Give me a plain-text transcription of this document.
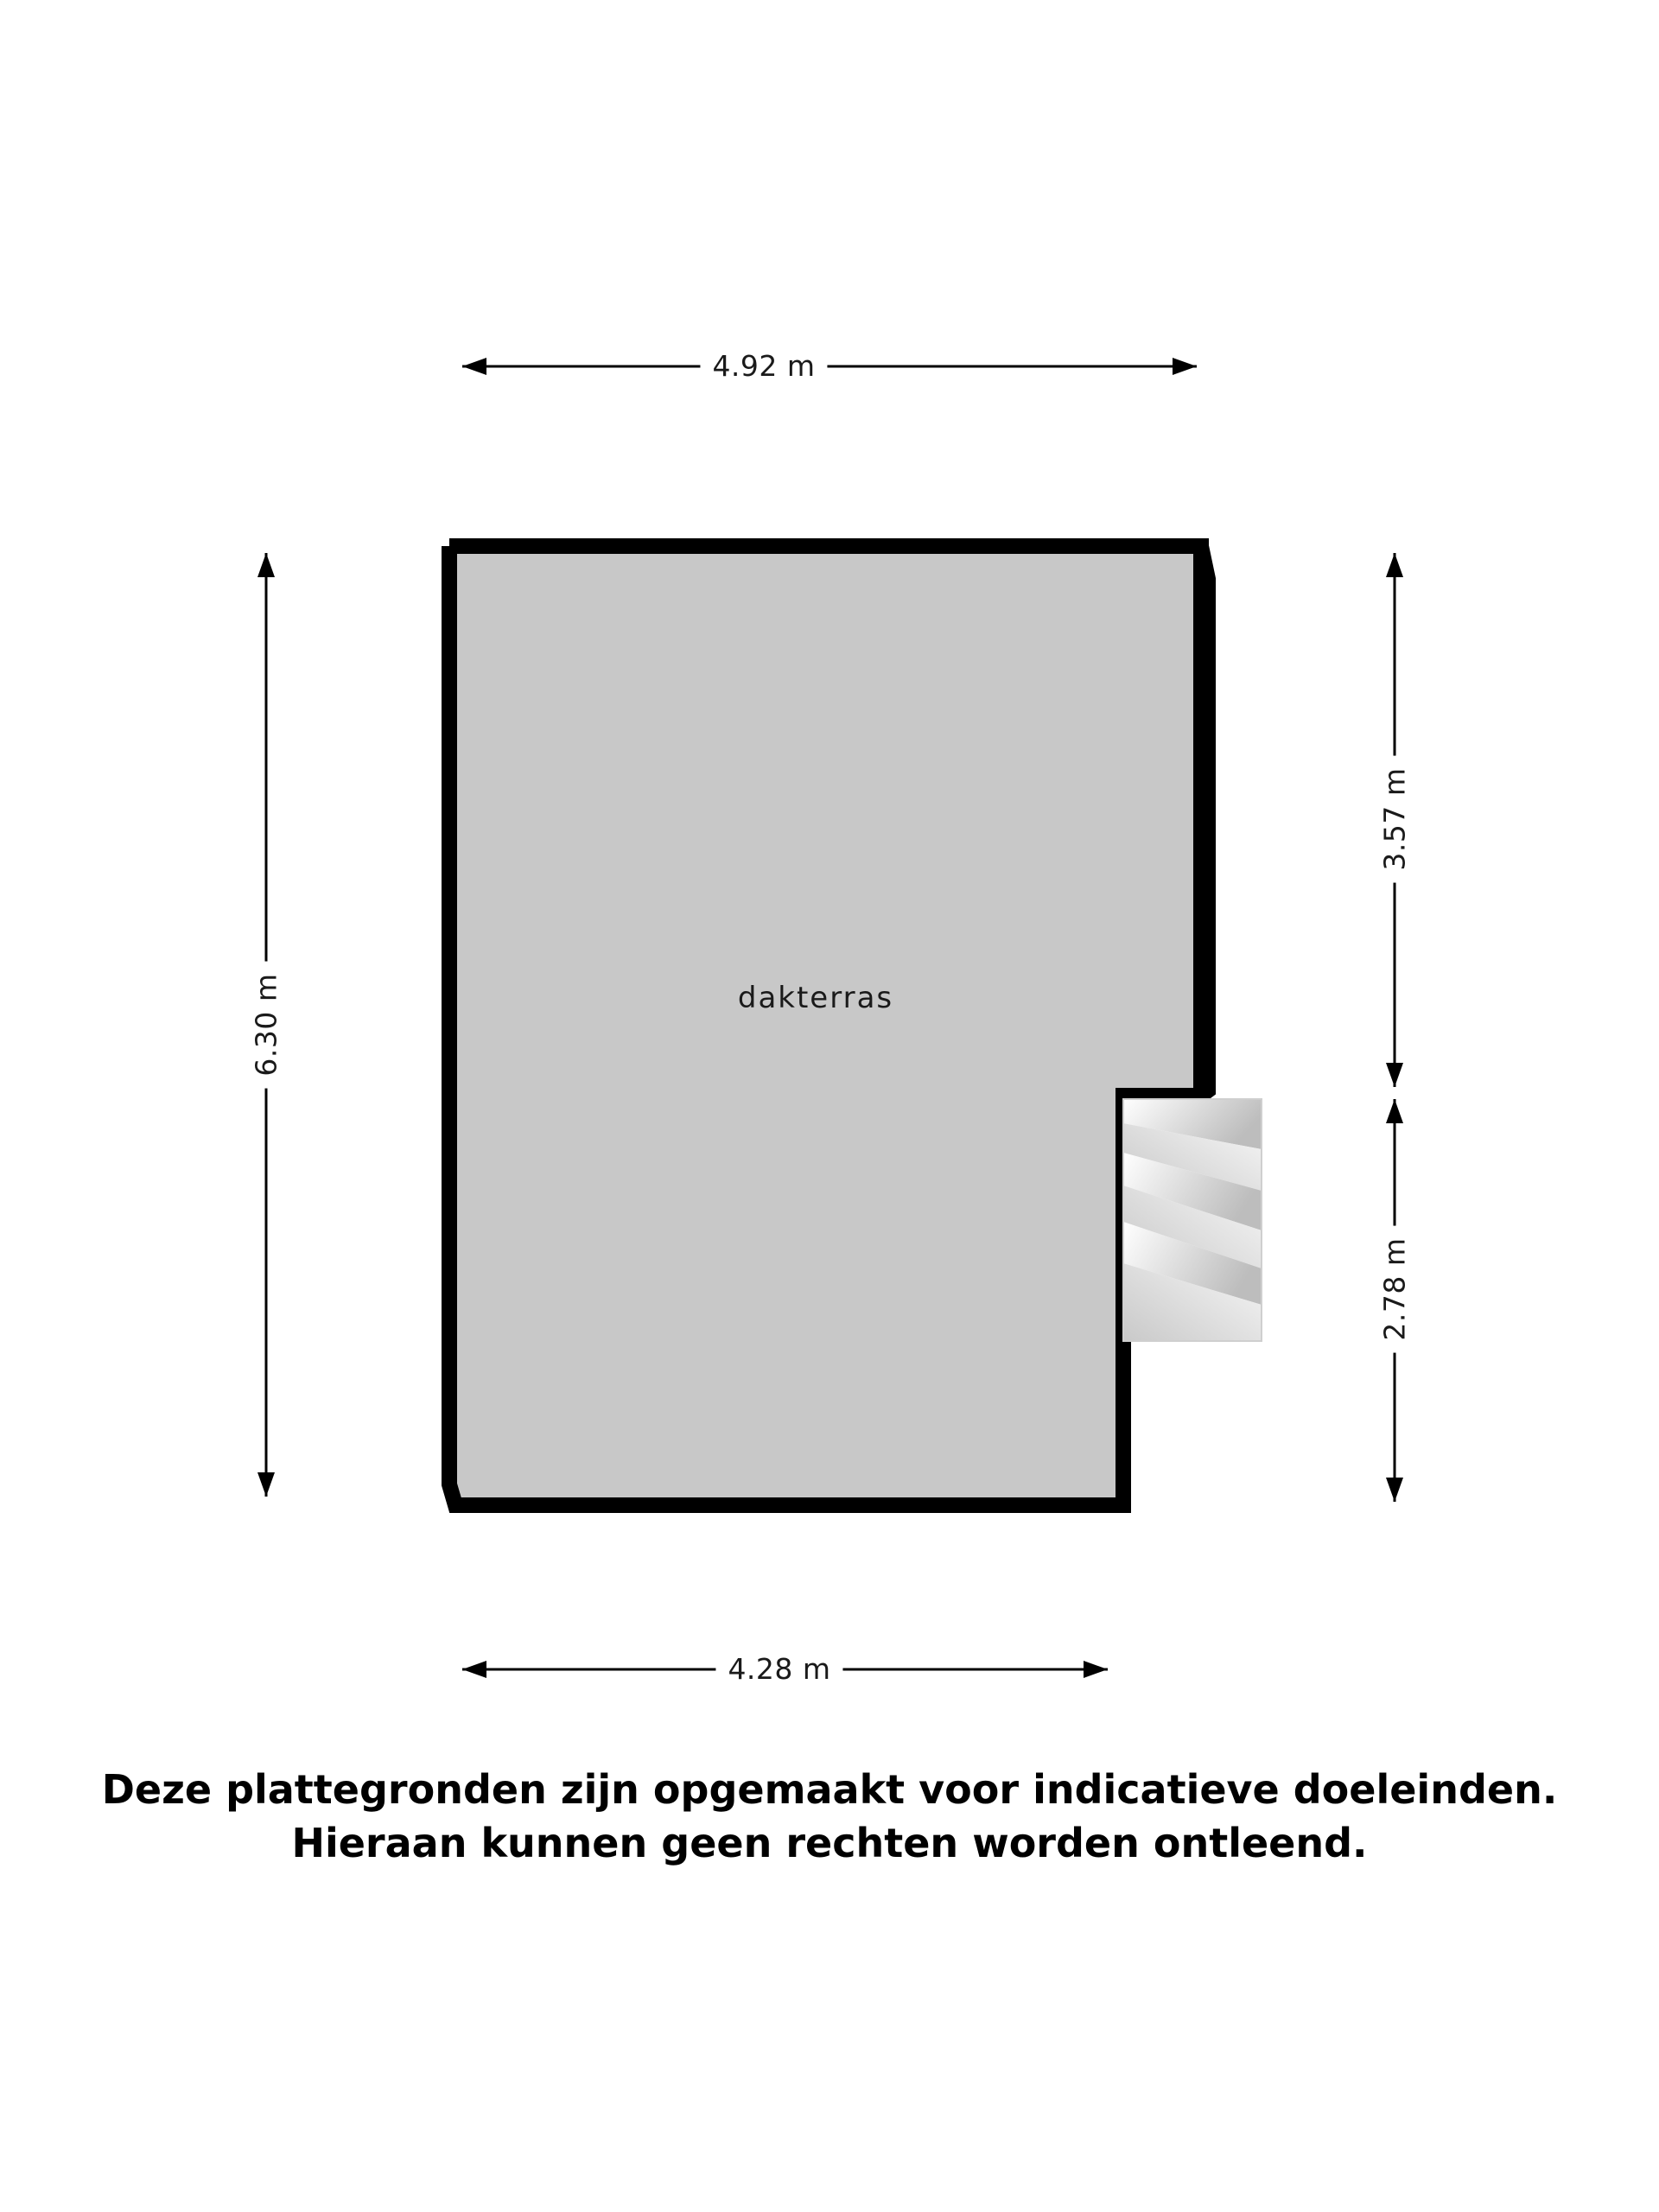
4.92 m
6.30 m
3.57 m
2.78 m
4.28 m
dakterras
Deze plattegronden zijn opgemaakt voor indicatieve doeleinden.
Hieraan kunnen geen rechten worden ontleend.
